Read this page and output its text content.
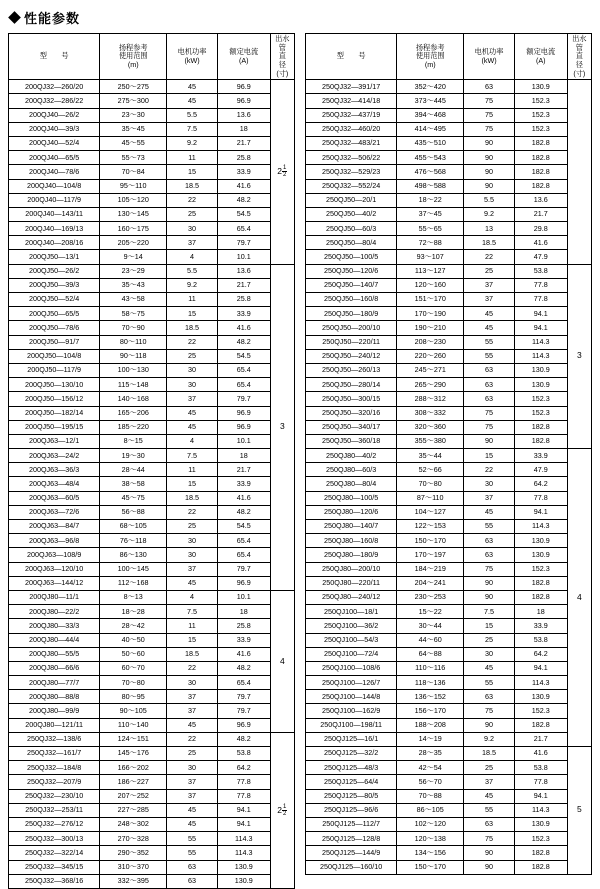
性能参数
型　　号	扬程参考
使用范围
(m)	电机功率
(kW)	额定电流
(A)	出水管
直　径
(寸)
200QJ32—260/20	250～275	45	96.9	$2 \frac{1}{2}$

200QJ32—286/22	275～300	45	96.9	
200QJ40—26/2	23～30	5.5	13.6	
200QJ40—39/3	35～45	7.5	18	
200QJ40—52/4	45～55	9.2	21.7	
200QJ40—65/5	55～73	11	25.8	
200QJ40—78/6	70～84	15	33.9	
200QJ40—104/8	95～110	18.5	41.6	
200QJ40—117/9	105～120	22	48.2	
200QJ40—143/11	130～145	25	54.5	
200QJ40—169/13	160～175	30	65.4	
200QJ40—208/16	205～220	37	79.7	
200QJ50—13/1	9～14	4	10.1	
200QJ50—26/2	23～29	5.5	13.6	3
200QJ50—39/3	35～43	9.2	21.7	
200QJ50—52/4	43～58	11	25.8	
200QJ50—65/5	58～75	15	33.9	
200QJ50—78/6	70～90	18.5	41.6	
200QJ50—91/7	80～110	22	48.2	
200QJ50—104/8	90～118	25	54.5	
200QJ50—117/9	100～130	30	65.4	
200QJ50—130/10	115～148	30	65.4	
200QJ50—156/12	140～168	37	79.7	
200QJ50—182/14	165～206	45	96.9	
200QJ50—195/15	185～220	45	96.9	
200QJ63—12/1	8～15	4	10.1	
200QJ63—24/2	19～30	7.5	18	
200QJ63—36/3	28～44	11	21.7	
200QJ63—48/4	38～58	15	33.9	
200QJ63—60/5	45～75	18.5	41.6	
200QJ63—72/6	56～88	22	48.2	
200QJ63—84/7	68～105	25	54.5	
200QJ63—96/8	76～118	30	65.4	
200QJ63—108/9	86～130	30	65.4	
200QJ63—120/10	100～145	37	79.7	
200QJ63—144/12	112～168	45	96.9	
200QJ80—11/1	8～13	4	10.1	4
200QJ80—22/2	18～28	7.5	18	
200QJ80—33/3	28～42	11	25.8	
200QJ80—44/4	40～50	15	33.9	
200QJ80—55/5	50～60	18.5	41.6	
200QJ80—66/6	60～70	22	48.2	
200QJ80—77/7	70～80	30	65.4	
200QJ80—88/8	80～95	37	79.7	
200QJ80—99/9	90～105	37	79.7	
200QJ80—121/11	110～140	45	96.9	
250QJ32—138/6	124～151	22	48.2	$2 \frac{1}{2}$

250QJ32—161/7	145～176	25	53.8	
250QJ32—184/8	166～202	30	64.2	
250QJ32—207/9	186～227	37	77.8	
250QJ32—230/10	207～252	37	77.8	
250QJ32—253/11	227～285	45	94.1	
250QJ32—276/12	248～302	45	94.1	
250QJ32—300/13	270～328	55	114.3	
250QJ32—322/14	290～352	55	114.3	
250QJ32—345/15	310～370	63	130.9	
250QJ32—368/16	332～395	63	130.9	
型　　号	扬程参考
使用范围
(m)	电机功率
(kW)	额定电流
(A)	出水管
直　径
(寸)
250QJ32—391/17	352～420	63	130.9	
250QJ32—414/18	373～445	75	152.3	
250QJ32—437/19	394～468	75	152.3	
250QJ32—460/20	414～495	75	152.3	
250QJ32—483/21	435～510	90	182.8	
250QJ32—506/22	455～543	90	182.8	
250QJ32—529/23	476～568	90	182.8	
250QJ32—552/24	498～588	90	182.8	
250QJ50—20/1	18～22	5.5	13.6	
250QJ50—40/2	37～45	9.2	21.7	
250QJ50—60/3	55～65	13	29.8	
250QJ50—80/4	72～88	18.5	41.6	
250QJ50—100/5	93～107	22	47.9	
250QJ50—120/6	113～127	25	53.8	3
250QJ50—140/7	120～160	37	77.8	
250QJ50—160/8	151～170	37	77.8	
250QJ50—180/9	170～190	45	94.1	
250QJ50—200/10	190～210	45	94.1	
250QJ50—220/11	208～230	55	114.3	
250QJ50—240/12	220～260	55	114.3	
250QJ50—260/13	245～271	63	130.9	
250QJ50—280/14	265～290	63	130.9	
250QJ50—300/15	288～312	63	152.3	
250QJ50—320/16	308～332	75	152.3	
250QJ50—340/17	320～360	75	182.8	
250QJ50—360/18	355～380	90	182.8	
250QJ80—40/2	35～44	15	33.9	4
250QJ80—60/3	52～66	22	47.9	
250QJ80—80/4	70～80	30	64.2	
250QJ80—100/5	87～110	37	77.8	
250QJ80—120/6	104～127	45	94.1	
250QJ80—140/7	122～153	55	114.3	
250QJ80—160/8	150～170	63	130.9	
250QJ80—180/9	170～197	63	130.9	
250QJ80—200/10	184～219	75	152.3	
250QJ80—220/11	204～241	90	182.8	
250QJ80—240/12	230～253	90	182.8	
250QJ100—18/1	15～22	7.5	18	
250QJ100—36/2	30～44	15	33.9	
250QJ100—54/3	44～60	25	53.8	
250QJ100—72/4	64～88	30	64.2	
250QJ100—108/6	110～116	45	94.1	
250QJ100—126/7	118～136	55	114.3	
250QJ100—144/8	136～152	63	130.9	
250QJ100—162/9	156～170	75	152.3	
250QJ100—198/11	188～208	90	182.8	
250QJ125—16/1	14～19	9.2	21.7	
250QJ125—32/2	28～35	18.5	41.6	5
250QJ125—48/3	42～54	25	53.8	
250QJ125—64/4	56～70	37	77.8	
250QJ125—80/5	70～88	45	94.1	
250QJ125—96/6	86～105	55	114.3	
250QJ125—112/7	102～120	63	130.9	
250QJ125—128/8	120～138	75	152.3	
250QJ125—144/9	134～156	90	182.8	
250QJ125—160/10	150～170	90	182.8	
